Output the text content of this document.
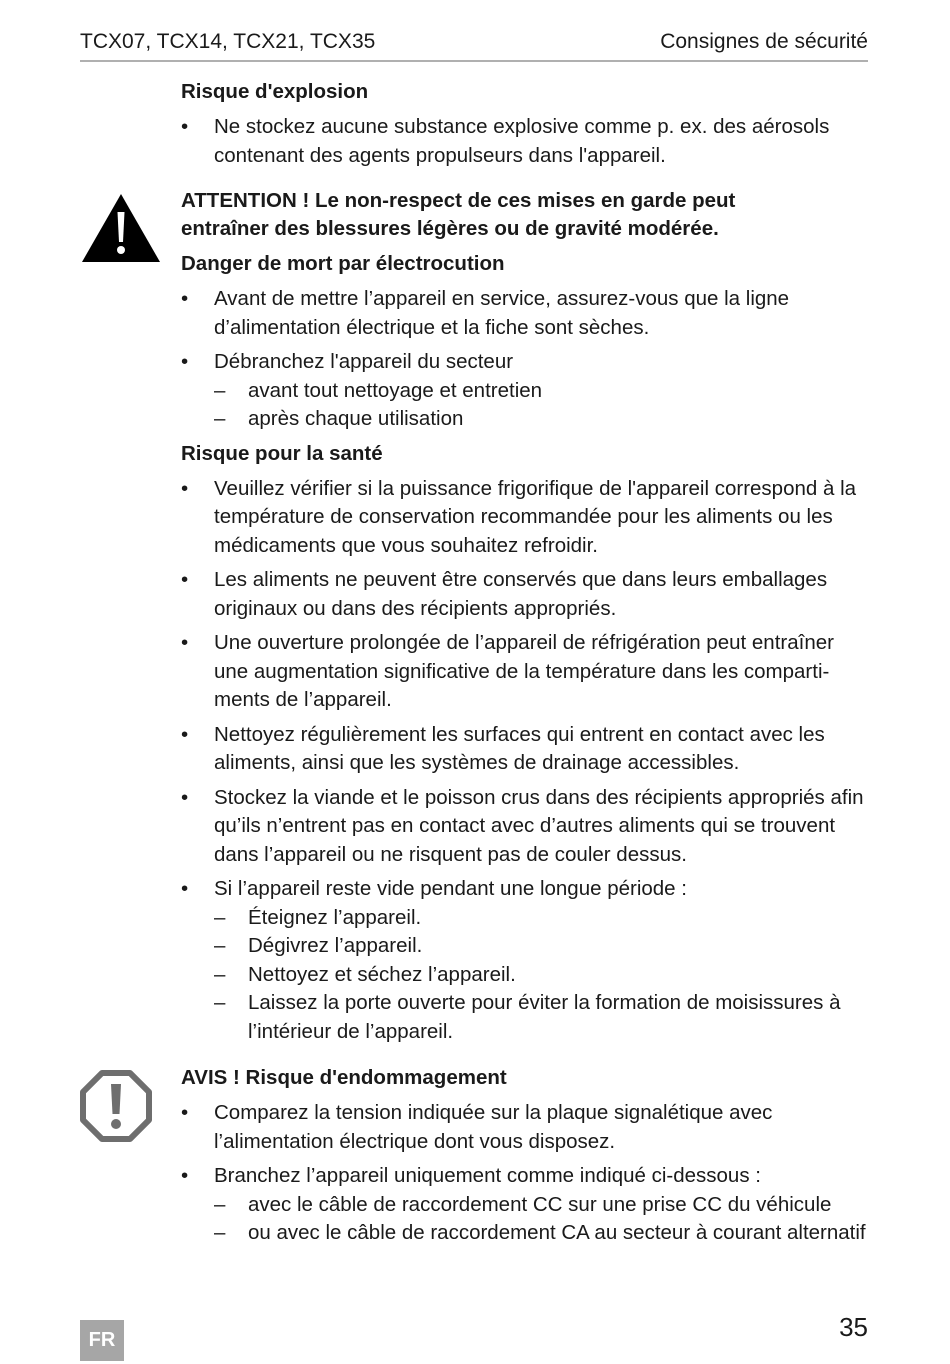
TCX07, TCX14, TCX21, TCX35	Consignes de sécurité

Risque d'explosion

• Ne stockez aucune substance explosive comme p. ex. des aérosols contenant des agents propulseurs dans l'appareil.

ATTENTION ! Le non-respect de ces mises en garde peut entraîner des blessures légères ou de gravité modérée.

Danger de mort par électrocution

• Avant de mettre l’appareil en service, assurez-vous que la ligne d’alimentation électrique et la fiche sont sèches.
• Débranchez l'appareil du secteur
– avant tout nettoyage et entretien
– après chaque utilisation

Risque pour la santé

• Veuillez vérifier si la puissance frigorifique de l'appareil correspond à la température de conservation recommandée pour les aliments ou les médicaments que vous souhaitez refroidir.
• Les aliments ne peuvent être conservés que dans leurs emballages originaux ou dans des récipients appropriés.
• Une ouverture prolongée de l’appareil de réfrigération peut entraîner une augmentation significative de la température dans les comparti- ments de l’appareil.
• Nettoyez régulièrement les surfaces qui entrent en contact avec les aliments, ainsi que les systèmes de drainage accessibles.
• Stockez la viande et le poisson crus dans des récipients appropriés afin qu’ils n’entrent pas en contact avec d’autres aliments qui se trouvent dans l’appareil ou ne risquent pas de couler dessus.
• Si l’appareil reste vide pendant une longue période :
– Éteignez l’appareil.
– Dégivrez l’appareil.
– Nettoyez et séchez l’appareil.
– Laissez la porte ouverte pour éviter la formation de moisissures à l’intérieur de l’appareil.

AVIS ! Risque d'endommagement

• Comparez la tension indiquée sur la plaque signalétique avec l’alimentation électrique dont vous disposez.
• Branchez l’appareil uniquement comme indiqué ci-dessous :
– avec le câble de raccordement CC sur une prise CC du véhicule
– ou avec le câble de raccordement CA au secteur à courant alternatif
FR	35
